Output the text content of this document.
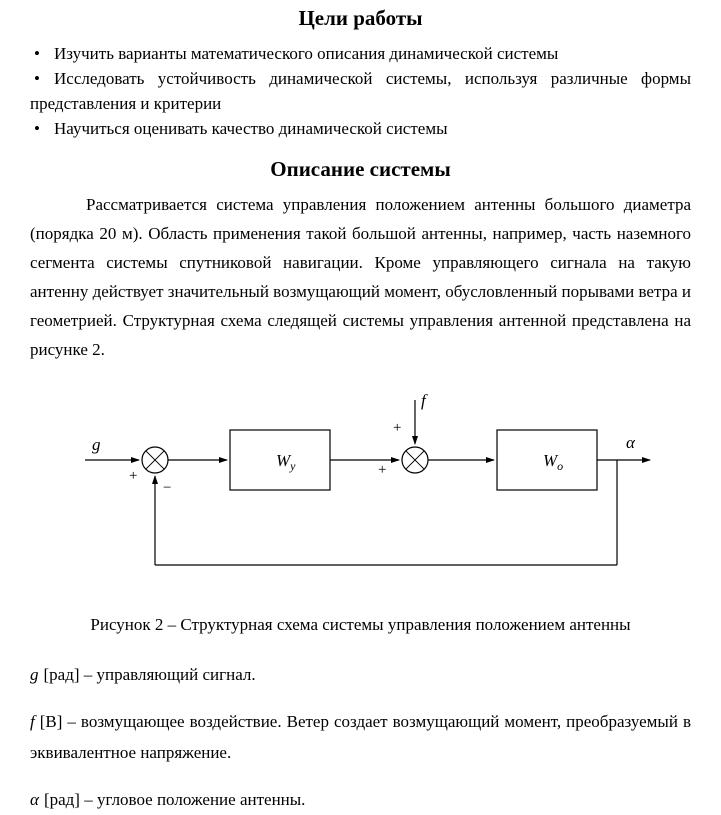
Цели работы
• Изучить варианты математического описания динамической системы
• Исследовать устойчивость динамической системы, используя различные формы представления и критерии
• Научиться оценивать качество динамической системы
Описание системы

Рассматривается система управления положением антенны большого диаметра (порядка 20 м). Область применения такой большой антенны, например, часть наземного сегмента системы спутниковой навигации. Кроме управляющего сигнала на такую антенну действует значительный возмущающий момент, обусловленный порывами ветра и геометрией. Структурная схема следящей системы управления антенной представлена на рисунке 2.

g
+
−
$W_y$	+
f
+
$W_o$
α

Рисунок 2 – Структурная схема системы управления положением антенны

g [рад] – управляющий сигнал.

f [В] – возмущающее воздействие. Ветер создает возмущающий момент, преобразуемый в эквивалентное напряжение.

α [рад] – угловое положение антенны.
